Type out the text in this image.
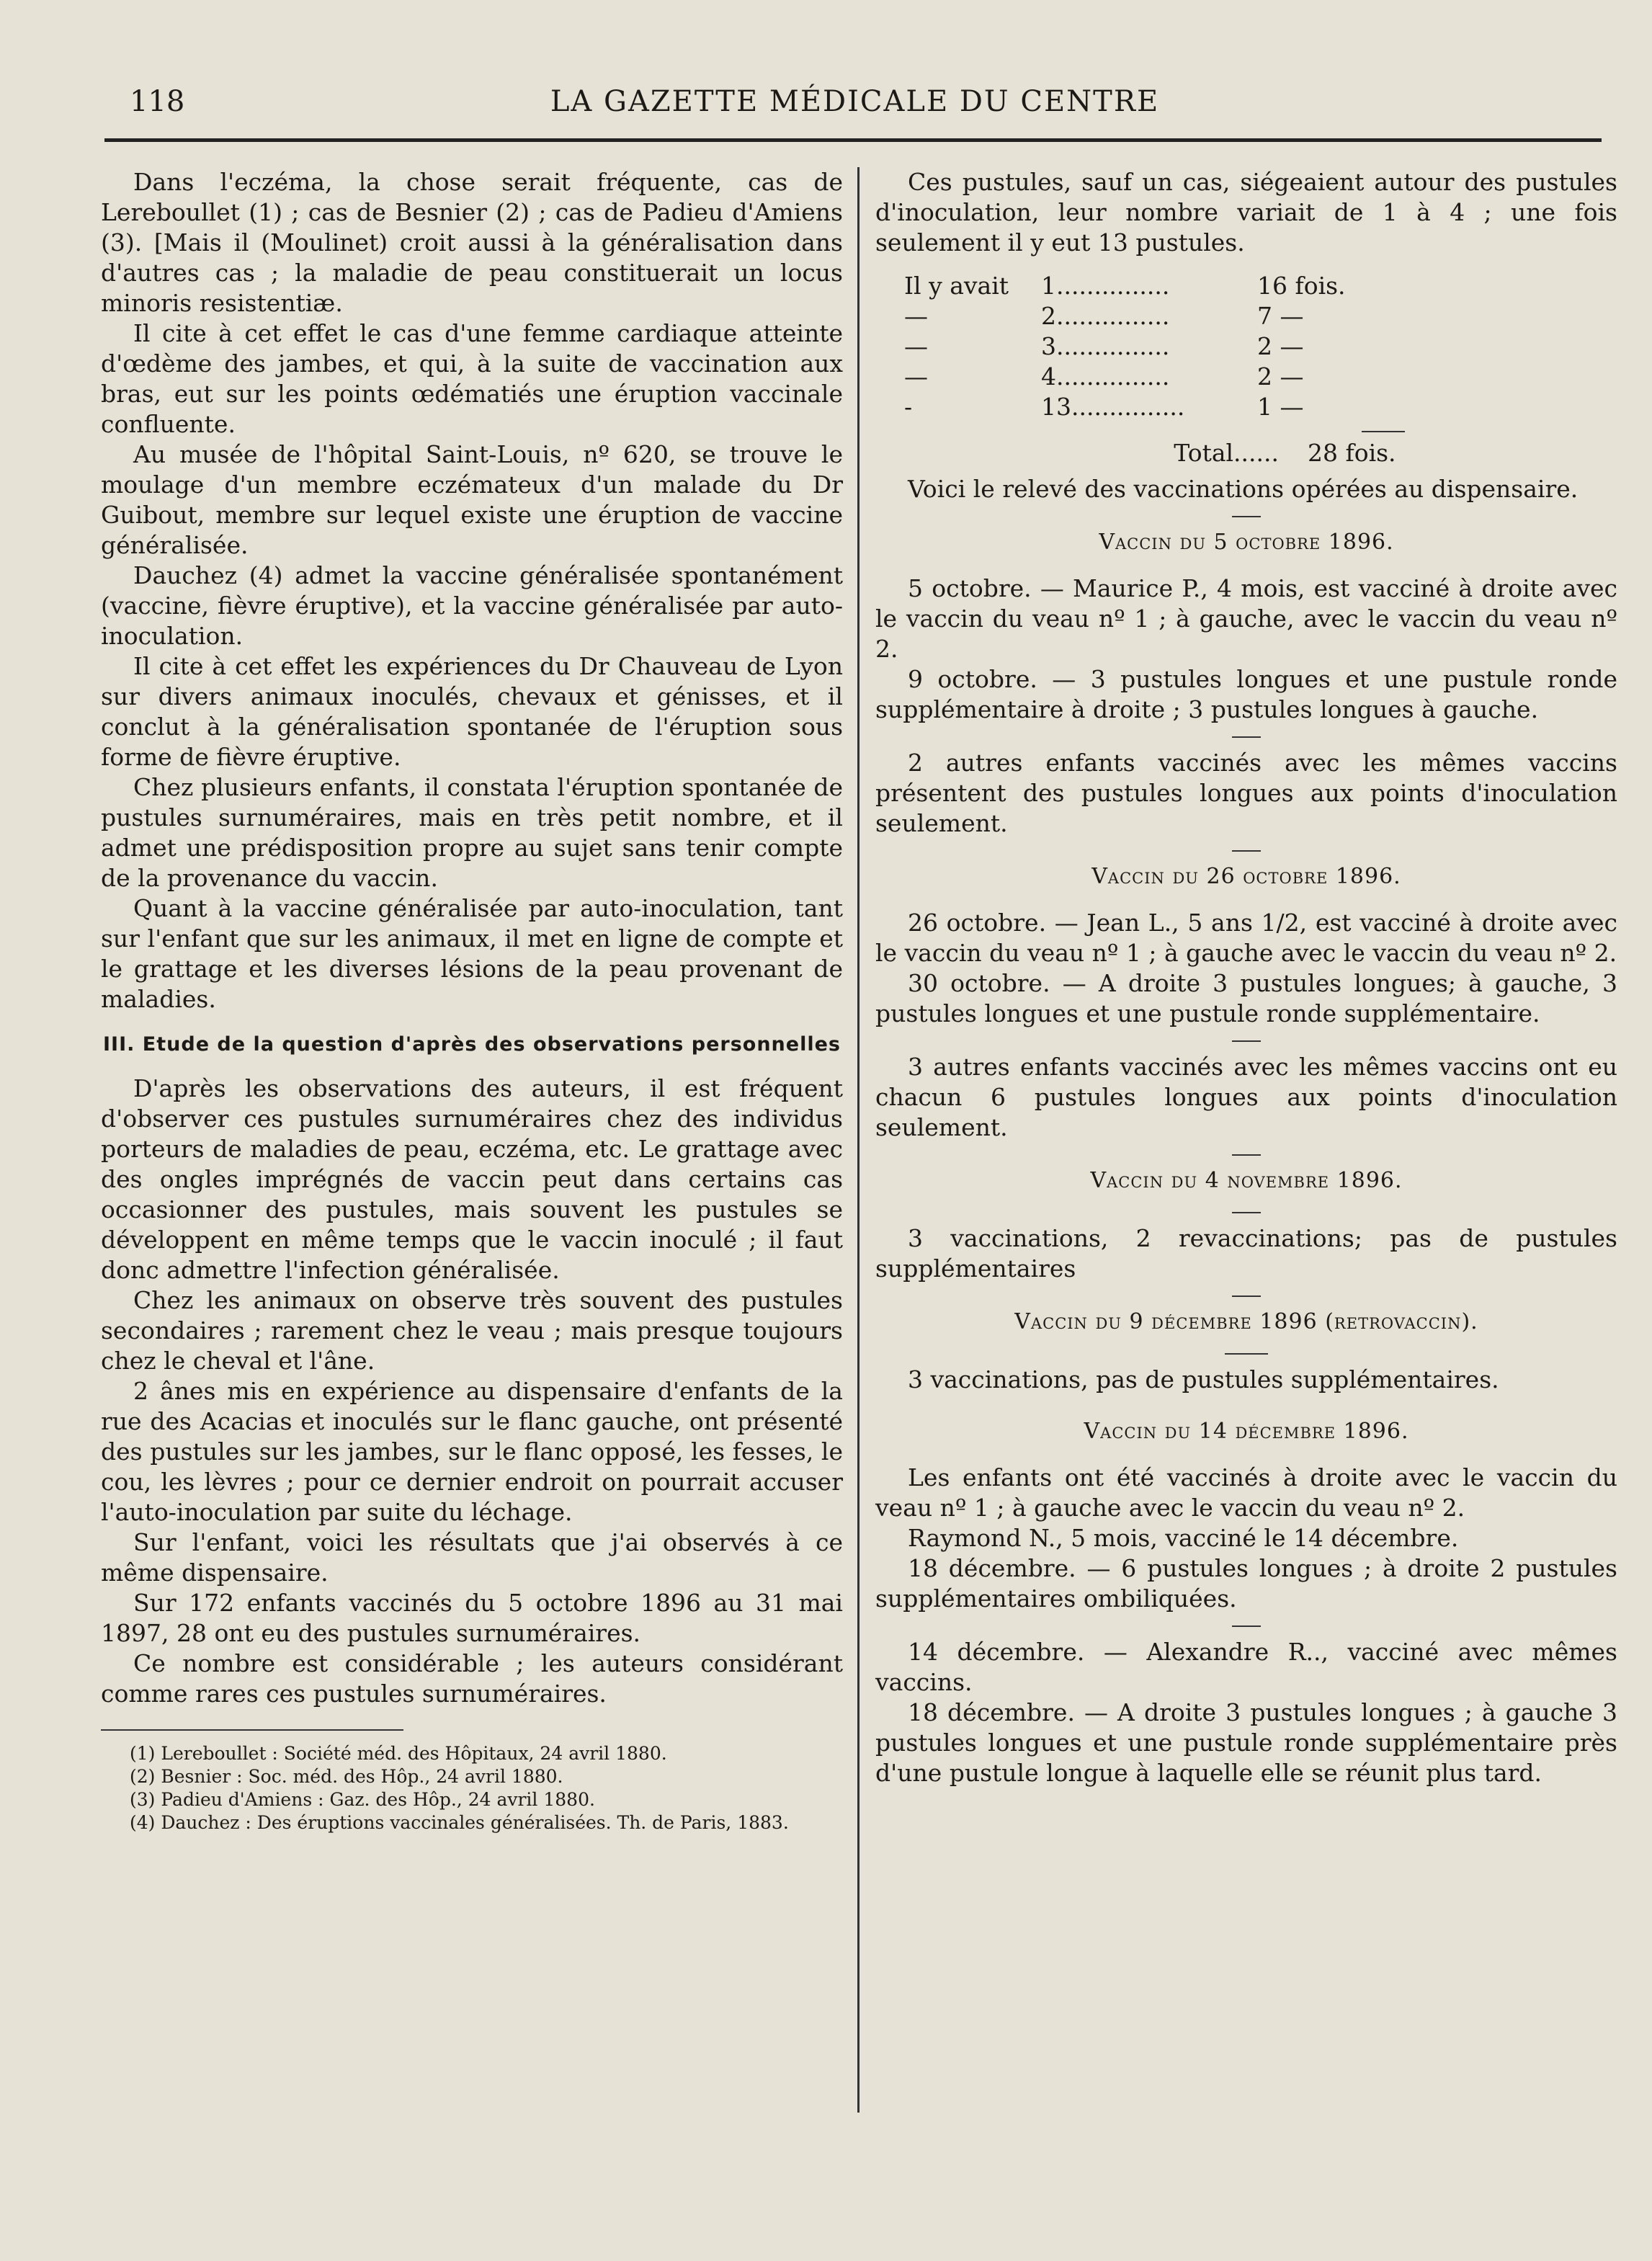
118	LA GAZETTE MÉDICALE DU CENTRE

Dans l'eczéma, la chose serait fréquente, cas de Lereboullet (1) ; cas de Besnier (2) ; cas de Padieu d'Amiens (3). [Mais il (Moulinet) croit aussi à la généralisation dans d'autres cas ; la maladie de peau constituerait un locus minoris resistentiæ.

Il cite à cet effet le cas d'une femme cardiaque atteinte d'œdème des jambes, et qui, à la suite de vaccination aux bras, eut sur les points œdématiés une éruption vaccinale confluente.

Au musée de l'hôpital Saint-Louis, nº 620, se trouve le moulage d'un membre eczémateux d'un malade du Dr Guibout, membre sur lequel existe une éruption de vaccine généralisée.

Dauchez (4) admet la vaccine généralisée spontanément (vaccine, fièvre éruptive), et la vaccine généralisée par auto-inoculation.

Il cite à cet effet les expériences du Dr Chauveau de Lyon sur divers animaux inoculés, chevaux et génisses, et il conclut à la généralisation spontanée de l'éruption sous forme de fièvre éruptive.

Chez plusieurs enfants, il constata l'éruption spontanée de pustules surnuméraires, mais en très petit nombre, et il admet une prédisposition propre au sujet sans tenir compte de la provenance du vaccin.

Quant à la vaccine généralisée par auto-inoculation, tant sur l'enfant que sur les animaux, il met en ligne de compte et le grattage et les diverses lésions de la peau provenant de maladies.

III. Etude de la question d'après des observations personnelles

D'après les observations des auteurs, il est fréquent d'observer ces pustules surnuméraires chez des individus porteurs de maladies de peau, eczéma, etc. Le grattage avec des ongles imprégnés de vaccin peut dans certains cas occasionner des pustules, mais souvent les pustules se développent en même temps que le vaccin inoculé ; il faut donc admettre l'infection généralisée.

Chez les animaux on observe très souvent des pustules secondaires ; rarement chez le veau ; mais presque toujours chez le cheval et l'âne.

2 ânes mis en expérience au dispensaire d'enfants de la rue des Acacias et inoculés sur le flanc gauche, ont présenté des pustules sur les jambes, sur le flanc opposé, les fesses, le cou, les lèvres ; pour ce dernier endroit on pourrait accuser l'auto-inoculation par suite du léchage.

Sur l'enfant, voici les résultats que j'ai observés à ce même dispensaire.

Sur 172 enfants vaccinés du 5 octobre 1896 au 31 mai 1897, 28 ont eu des pustules surnuméraires.

Ce nombre est considérable ; les auteurs considérant comme rares ces pustules surnuméraires.

(1) Lereboullet : Société méd. des Hôpitaux, 24 avril 1880.
(2) Besnier : Soc. méd. des Hôp., 24 avril 1880.
(3) Padieu d'Amiens : Gaz. des Hôp., 24 avril 1880.
(4) Dauchez : Des éruptions vaccinales généralisées. Th. de Paris, 1883.

Ces pustules, sauf un cas, siégeaient autour des pustules d'inoculation, leur nombre variait de 1 à 4 ; une fois seulement il y eut 13 pustules.

Il y avait	1...............	16 fois.
—	2...............	7 —
—	3...............	2 —
—	4...............	2 —
-	13...............	1 —
Total......	28 fois.

Voici le relevé des vaccinations opérées au dispensaire.

Vaccin du 5 octobre 1896.

5 octobre. — Maurice P., 4 mois, est vacciné à droite avec le vaccin du veau nº 1 ; à gauche, avec le vaccin du veau nº 2.

9 octobre. — 3 pustules longues et une pustule ronde supplémentaire à droite ; 3 pustules longues à gauche.

2 autres enfants vaccinés avec les mêmes vaccins présentent des pustules longues aux points d'inoculation seulement.

Vaccin du 26 octobre 1896.

26 octobre. — Jean L., 5 ans 1/2, est vacciné à droite avec le vaccin du veau nº 1 ; à gauche avec le vaccin du veau nº 2.

30 octobre. — A droite 3 pustules longues; à gauche, 3 pustules longues et une pustule ronde supplémentaire.

3 autres enfants vaccinés avec les mêmes vaccins ont eu chacun 6 pustules longues aux points d'inoculation seulement.

Vaccin du 4 novembre 1896.

3 vaccinations, 2 revaccinations; pas de pustules supplémentaires

Vaccin du 9 décembre 1896 (retrovaccin).

3 vaccinations, pas de pustules supplémentaires.

Vaccin du 14 décembre 1896.

Les enfants ont été vaccinés à droite avec le vaccin du veau nº 1 ; à gauche avec le vaccin du veau nº 2.

Raymond N., 5 mois, vacciné le 14 décembre.

18 décembre. — 6 pustules longues ; à droite 2 pustules supplémentaires ombiliquées.

14 décembre. — Alexandre R.., vacciné avec mêmes vaccins.

18 décembre. — A droite 3 pustules longues ; à gauche 3 pustules longues et une pustule ronde supplémentaire près d'une pustule longue à laquelle elle se réunit plus tard.
